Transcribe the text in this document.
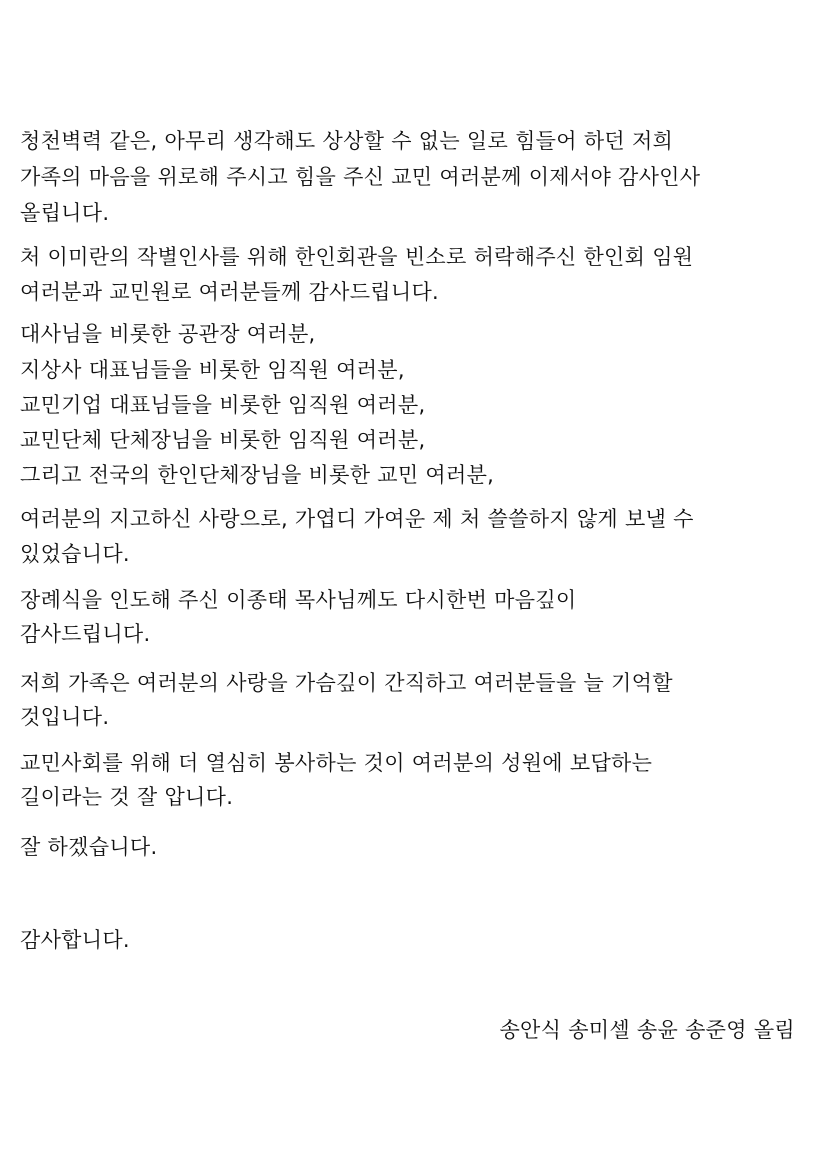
청천벽력 같은, 아무리 생각해도 상상할 수 없는 일로 힘들어 하던 저희
가족의 마음을 위로해 주시고 힘을 주신 교민 여러분께 이제서야 감사인사
올립니다.
처 이미란의 작별인사를 위해 한인회관을 빈소로 허락해주신 한인회 임원
여러분과 교민원로 여러분들께 감사드립니다.
대사님을 비롯한 공관장 여러분,
지상사 대표님들을 비롯한 임직원 여러분,
교민기업 대표님들을 비롯한 임직원 여러분,
교민단체 단체장님을 비롯한 임직원 여러분,
그리고 전국의 한인단체장님을 비롯한 교민 여러분,
여러분의 지고하신 사랑으로, 가엽디 가여운 제 처 쓸쓸하지 않게 보낼 수
있었습니다.
장례식을 인도해 주신 이종태 목사님께도 다시한번 마음깊이
감사드립니다.
저희 가족은 여러분의 사랑을 가슴깊이 간직하고 여러분들을 늘 기억할
것입니다.
교민사회를 위해 더 열심히 봉사하는 것이 여러분의 성원에 보답하는
길이라는 것 잘 압니다.
잘 하겠습니다.
감사합니다.
송안식 송미셀 송윤 송준영 올림
